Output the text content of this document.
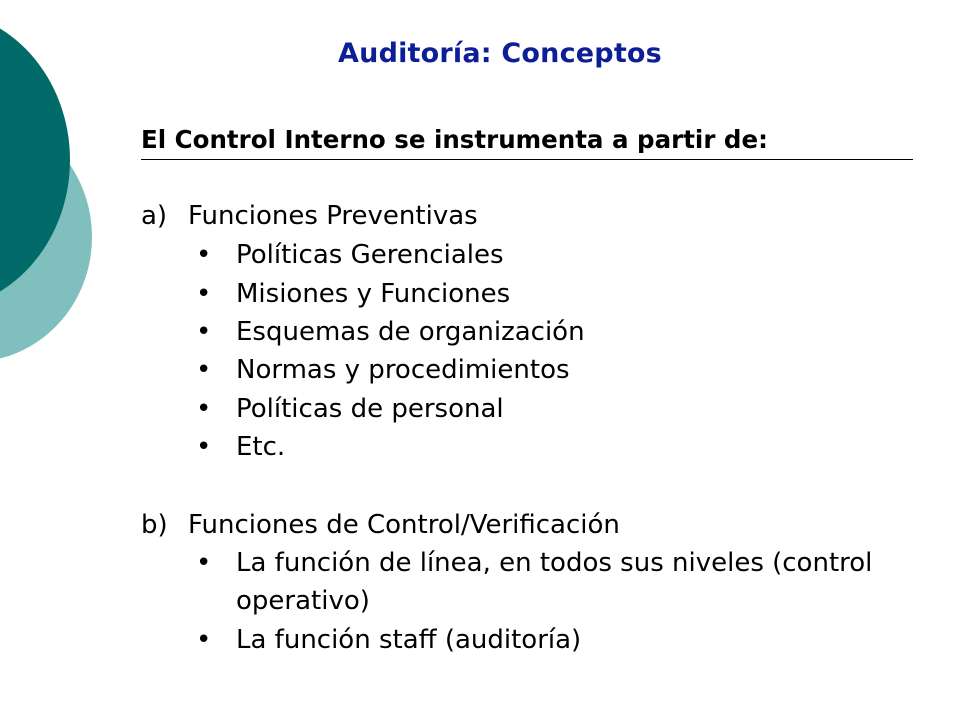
Auditoría: Conceptos
El Control Interno se instrumenta a partir de:
a) Funciones Preventivas
• Políticas Gerenciales
• Misiones y Funciones
• Esquemas de organización
• Normas y procedimientos
• Políticas de personal
• Etc.
b) Funciones de Control/Verificación
• La función de línea, en todos sus niveles (control
operativo)
• La función staff (auditoría)
